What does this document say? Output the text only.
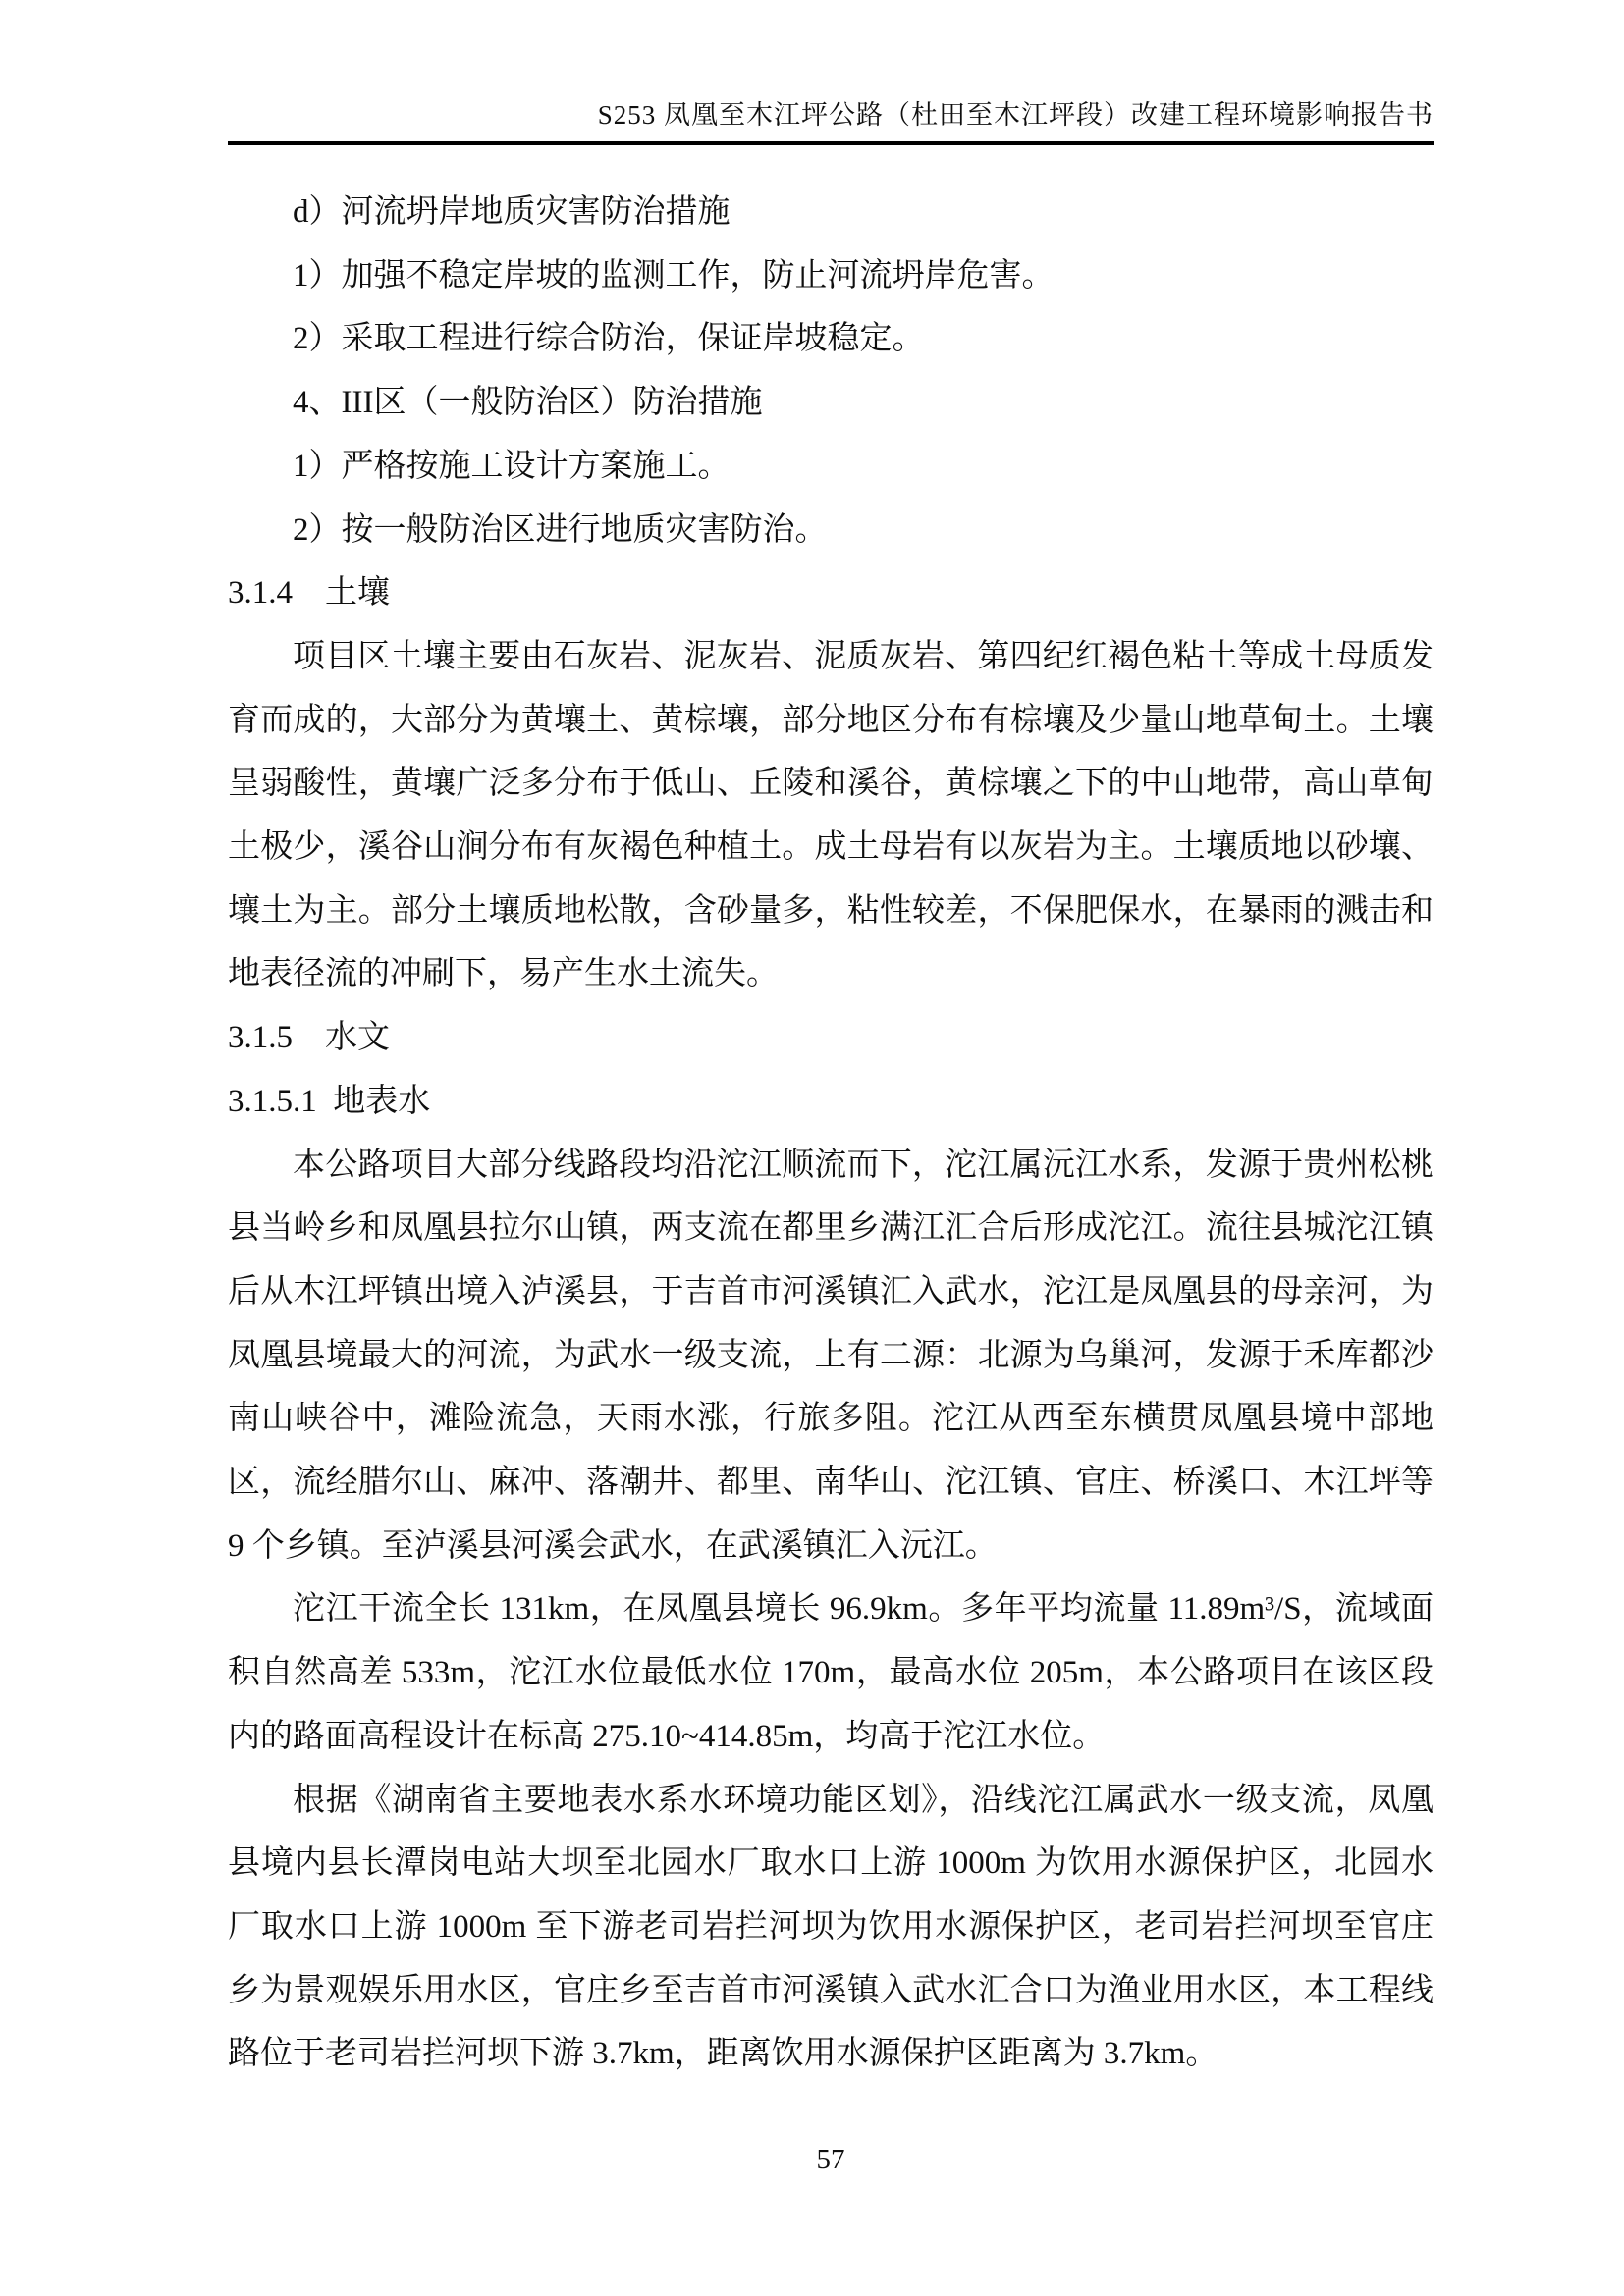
S253 凤凰至木江坪公路（杜田至木江坪段）改建工程环境影响报告书
d）河流坍岸地质灾害防治措施
1）加强不稳定岸坡的监测工作，防止河流坍岸危害。
2）采取工程进行综合防治，保证岸坡稳定。
4、III区（一般防治区）防治措施
1）严格按施工设计方案施工。
2）按一般防治区进行地质灾害防治。
3.1.4　土壤
项目区土壤主要由石灰岩、泥灰岩、泥质灰岩、第四纪红褐色粘土等成土母质发育而成的，大部分为黄壤土、黄棕壤，部分地区分布有棕壤及少量山地草甸土。土壤呈弱酸性，黄壤广泛多分布于低山、丘陵和溪谷，黄棕壤之下的中山地带，高山草甸土极少，溪谷山涧分布有灰褐色种植土。成土母岩有以灰岩为主。土壤质地以砂壤、壤土为主。部分土壤质地松散，含砂量多，粘性较差，不保肥保水，在暴雨的溅击和地表径流的冲刷下，易产生水土流失。
3.1.5　水文
3.1.5.1  地表水
本公路项目大部分线路段均沿沱江顺流而下，沱江属沅江水系，发源于贵州松桃县当岭乡和凤凰县拉尔山镇，两支流在都里乡满江汇合后形成沱江。流往县城沱江镇后从木江坪镇出境入泸溪县，于吉首市河溪镇汇入武水，沱江是凤凰县的母亲河，为凤凰县境最大的河流，为武水一级支流，上有二源：北源为乌巢河，发源于禾库都沙南山峡谷中，滩险流急，天雨水涨，行旅多阻。沱江从西至东横贯凤凰县境中部地区，流经腊尔山、麻冲、落潮井、都里、南华山、沱江镇、官庄、桥溪口、木江坪等 9 个乡镇。至泸溪县河溪会武水，在武溪镇汇入沅江。
沱江干流全长 131km，在凤凰县境长 96.9km。多年平均流量 11.89m³/S，流域面积自然高差 533m，沱江水位最低水位 170m，最高水位 205m，本公路项目在该区段内的路面高程设计在标高 275.10~414.85m，均高于沱江水位。
根据《湖南省主要地表水系水环境功能区划》，沿线沱江属武水一级支流，凤凰县境内县长潭岗电站大坝至北园水厂取水口上游 1000m 为饮用水源保护区，北园水厂取水口上游 1000m 至下游老司岩拦河坝为饮用水源保护区，老司岩拦河坝至官庄乡为景观娱乐用水区，官庄乡至吉首市河溪镇入武水汇合口为渔业用水区，本工程线路位于老司岩拦河坝下游 3.7km，距离饮用水源保护区距离为 3.7km。
57
